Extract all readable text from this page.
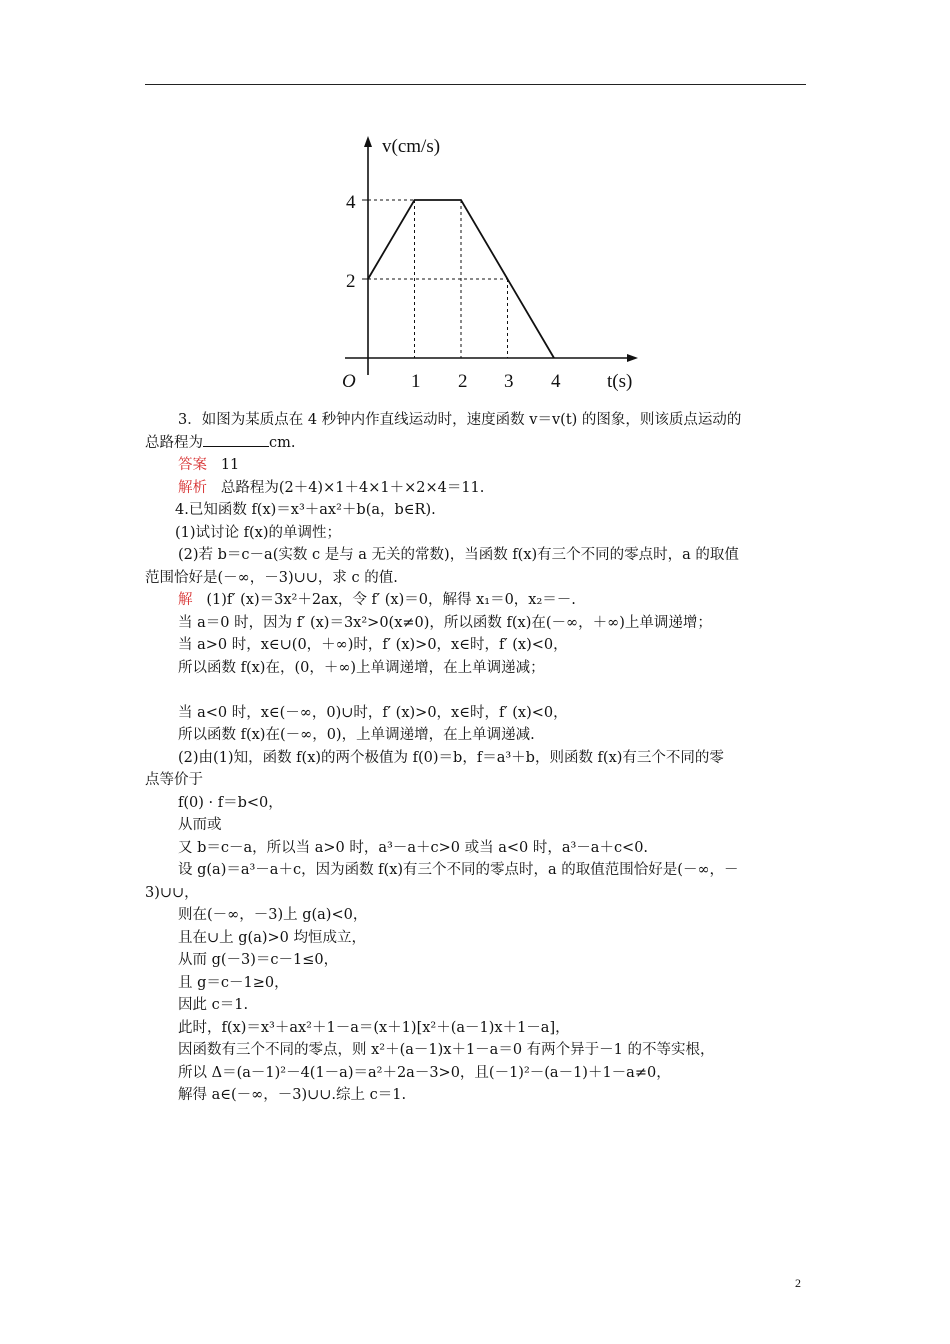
v(cm/s)
t(s)
O
2
4
1 2 3 4
3．如图为某质点在 4 秒钟内作直线运动时，速度函数 v＝v(t) 的图象，则该质点运动的
总路程为	cm.
答案 11
解析 总路程为(2＋4)×1＋4×1＋×2×4＝11.
4.已知函数 f(x)＝x³＋ax²＋b(a，b∈R).
(1)试讨论 f(x)的单调性；
(2)若 b＝c－a(实数 c 是与 a 无关的常数)，当函数 f(x)有三个不同的零点时，a 的取值
范围恰好是(－∞，－3)∪∪，求 c 的值.
解 (1)f′ (x)＝3x²＋2ax，令 f′ (x)＝0，解得 x₁＝0，x₂＝－.
当 a＝0 时，因为 f′ (x)＝3x²>0(x≠0)，所以函数 f(x)在(－∞，＋∞)上单调递增；
当 a>0 时，x∈∪(0，＋∞)时，f′ (x)>0，x∈时，f′ (x)<0，
所以函数 f(x)在，(0，＋∞)上单调递增，在上单调递减；
当 a<0 时，x∈(－∞，0)∪时，f′ (x)>0，x∈时，f′ (x)<0，
所以函数 f(x)在(－∞，0)，上单调递增，在上单调递减.
(2)由(1)知，函数 f(x)的两个极值为 f(0)＝b，f＝a³＋b，则函数 f(x)有三个不同的零
点等价于
f(0) · f＝b<0，
从而或
又 b＝c－a，所以当 a>0 时，a³－a＋c>0 或当 a<0 时，a³－a＋c<0.
设 g(a)＝a³－a＋c，因为函数 f(x)有三个不同的零点时，a 的取值范围恰好是(－∞，－
3)∪∪，
则在(－∞，－3)上 g(a)<0，
且在∪上 g(a)>0 均恒成立，
从而 g(－3)＝c－1≤0，
且 g＝c－1≥0，
因此 c＝1.
此时，f(x)＝x³＋ax²＋1－a＝(x＋1)[x²＋(a－1)x＋1－a]，
因函数有三个不同的零点，则 x²＋(a－1)x＋1－a＝0 有两个异于－1 的不等实根，
所以 Δ＝(a－1)²－4(1－a)＝a²＋2a－3>0，且(－1)²－(a－1)＋1－a≠0，
解得 a∈(－∞，－3)∪∪.综上 c＝1.
2
